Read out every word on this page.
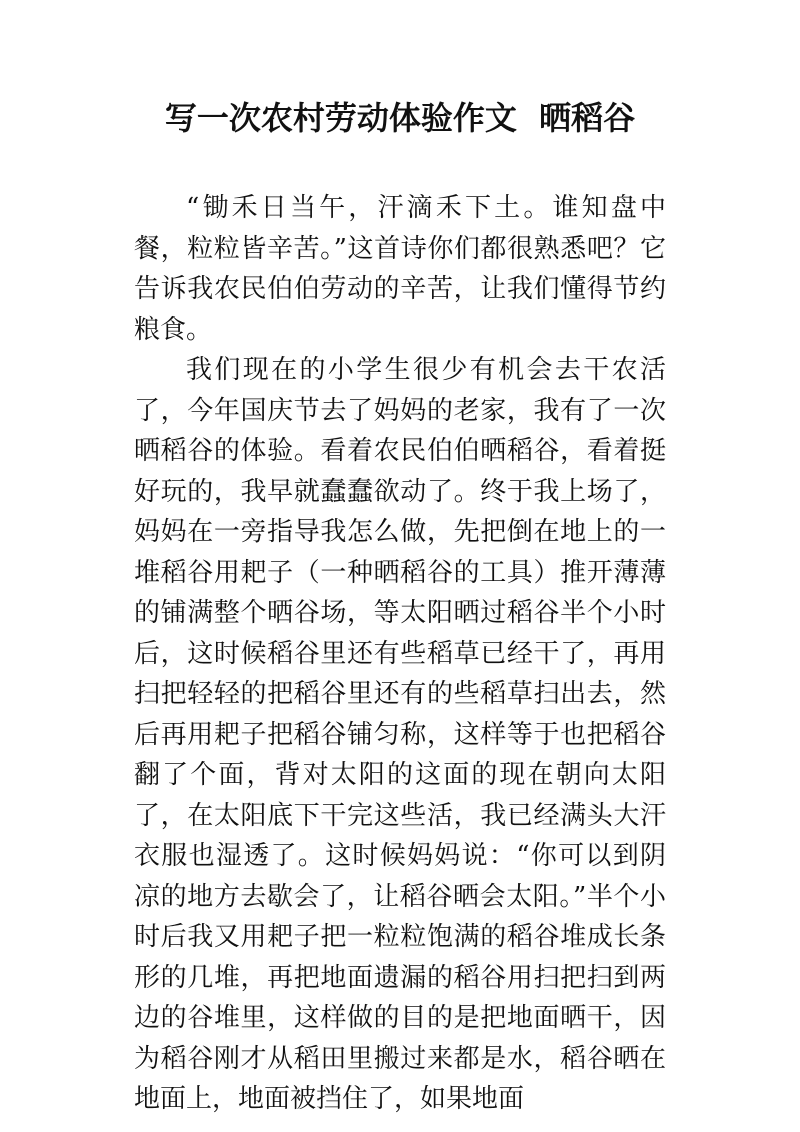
写一次农村劳动体验作文  晒稻谷

“锄禾日当午，汗滴禾下土。谁知盘中餐，粒粒皆辛苦。”这首诗你们都很熟悉吧？它告诉我农民伯伯劳动的辛苦，让我们懂得节约粮食。

我们现在的小学生很少有机会去干农活了，今年国庆节去了妈妈的老家，我有了一次晒稻谷的体验。看着农民伯伯晒稻谷，看着挺好玩的，我早就蠢蠢欲动了。终于我上场了，妈妈在一旁指导我怎么做，先把倒在地上的一堆稻谷用耙子（一种晒稻谷的工具）推开薄薄的铺满整个晒谷场，等太阳晒过稻谷半个小时后，这时候稻谷里还有些稻草已经干了，再用扫把轻轻的把稻谷里还有的些稻草扫出去，然后再用耙子把稻谷铺匀称，这样等于也把稻谷翻了个面，背对太阳的这面的现在朝向太阳了，在太阳底下干完这些活，我已经满头大汗衣服也湿透了。这时候妈妈说：“你可以到阴凉的地方去歇会了，让稻谷晒会太阳。”半个小时后我又用耙子把一粒粒饱满的稻谷堆成长条形的几堆，再把地面遗漏的稻谷用扫把扫到两边的谷堆里，这样做的目的是把地面晒干，因为稻谷刚才从稻田里搬过来都是水，稻谷晒在地面上，地面被挡住了，如果地面
